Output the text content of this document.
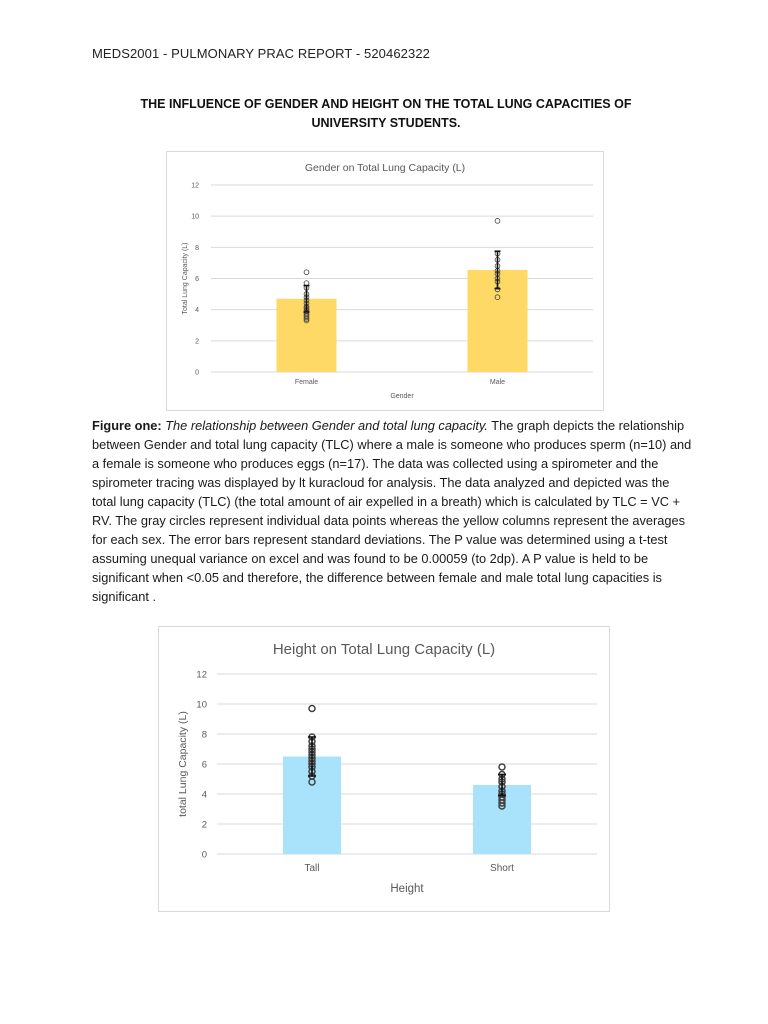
MEDS2001 - PULMONARY PRAC REPORT - 520462322
THE INFLUENCE OF GENDER AND HEIGHT ON THE TOTAL LUNG CAPACITIES OF
UNIVERSITY STUDENTS.
Gender on Total Lung Capacity (L)
0
2
4
6
8
10
12
Total Lung Capacity (L)
Female	Male
Gender
Figure one: The relationship between Gender and total lung capacity. The graph depicts the relationship between Gender and total lung capacity (TLC) where a male is someone who produces sperm (n=10) and a female is someone who produces eggs (n=17). The data was collected using a spirometer and the spirometer tracing was displayed by lt kuracloud for analysis. The data analyzed and depicted was the total lung capacity (TLC) (the total amount of air expelled in a breath) which is calculated by TLC = VC + RV. The gray circles represent individual data points whereas the yellow columns represent the averages for each sex. The error bars represent standard deviations. The P value was determined using a t-test assuming unequal variance on excel and was found to be 0.00059 (to 2dp). A P value is held to be significant when <0.05 and therefore, the difference between female and male total lung capacities is significant .
Height on Total Lung Capacity (L)
0
2
4
6
8
10
12
total Lung Capacity (L)
Tall	Short
Height
